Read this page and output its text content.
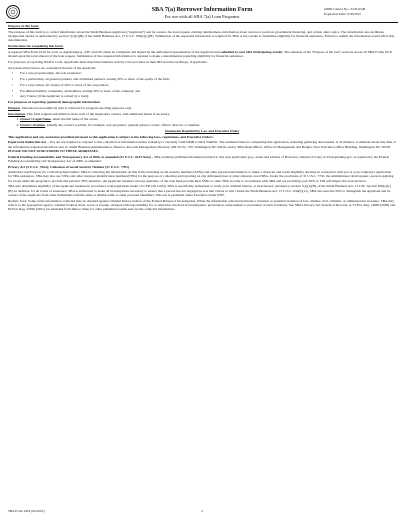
SBA 7(a) Borrower Information Form
For use with all SBA 7(a) Loan Programs
OMB Control No.: 3245-0348
Expiration Date: 6/30/2027
Purpose of this form:

The purpose of this form is to collect information about the Small Business Applicant ("Applicant") and its owners, the loan request, existing indebtedness, information about current or previous government financing, and certain other topics. The information also facilitates background checks as authorized by section 7(a)(1)(B) of the Small Business Act, 15 U.S.C. 636(a)(1)(B). Submission of the requested information is required for SBA or the Lender to determine eligibility for financial assistance. Failure to submit the information would affect that determination.

Instructions for completing this form:

A separate SBA Form 1919 for each co-Applicant(e.g., EPC and OC) must be completed and signed by the authorized representative of the Applicant and submitted to your SBA Participating Lender. The amounts of the "Purpose of the loan" sections across all SBA Forms 1919 should equal the total amount of the loan request. Submission of the requested information is required to make a determination regarding eligibility for financial assistance.

For purposes of reporting NAICS Code, Applicants must match the business activity code provided on their IRS income tax filings, if applicable.

All parties listed below are considered Owners of the Applicant:

• For a sole proprietorship, the sole proprietor;
• For a partnership, all general partners, and all limited partners owning 20% or more of the equity of the firm;
• For a corporation, all owners of 20% or more of the corporation;
• For limited liability companies, all members owning 20% or more of the company; and
• Any Trustor (if the Applicant is owned by a trust).
For purposes of reporting (optional) demographic information:

Purpose. Veteran/sex/race/ethnicity data is collected for program reporting purposes only.

Description. This form requests information about each of the Applicant's owners. Add additional sheets if necessary.

1. Owner's Legal Name. Insert the full name of the owner.
2. Owner's Position. Identify the owner's position; for example, sole proprietor; general partner; owner; officer; director; or member.
Statements Required by Law and Executive Order

This application and any assistance provided pursuant to this application is subject to the following laws, regulations, and Executive Orders:

Paperwork Reduction Act – You are not required to respond to this collection of information unless it displays a currently valid OMB Control Number. The estimated time for completing this application, including gathering data needed, is 31 minutes. Comments about this time or the information requested should be sent to: Small Business Administration, Director, Records Management Division, 409 3rd St., SW, Washington DC 20416, and/or SBA Desk Officer, Office of Management and Budget, New Executive Office Building, Washington DC 20503. PLEASE DO NOT SEND FORMS TO THESE ADDRESSES.

Federal Funding Accountability and Transparency Act of 2006, as amended (31 U.S.C. 6101 Note) - SBA routinely publishes information related to this loan application (e.g., name and address of Borrower, amount of loan) on USAspending.gov, as required by the Federal Funding Accountability and Transparency Act of 2006, as amended.

Privacy Act (5 U.S.C. 552a); Collection of Social Security Number (31 U.S.C. 7701)

Authorities and Purpose for Collecting Information: SBA is collecting the information on this form, including social security numbers (SSNs) and other personal information, to make a character and credit eligibility decision in connection with you or your company's application for SBA assistance. SBA may also use SSNs and other taxpayer identification numbers(TINs) for the purpose of collecting and reporting on any delinquent fees or other amounts owed SBA. Under the provisions of 31 U.S.C. 7701, the Administrator shall require a person applying for a loan under the program to provide that person's TIN; therefore, the Applicant business and any guarantor of the loan must provide their SSNs or other TINs in order to do business with SBA and not providing your SSN or TIN will impact the loan decision.

SBA also determines eligibility of the Applicant business in accordance with regulations under 13 CFR 120.110(n). SBA is specifically authorized to verify your criminal history, or lack thereof, pursuant to section 7(a)(1)(B), of the Small Business Act, 15 USC Section 636(a)(1)(B). In addition, for all forms of assistance, SBA is authorized to make all investigations necessary to ensure that a person has not engaged in acts that violate or will violate the Small Business Act, 15 U.S.C. 634(b)(11). SBA also uses the SSN to distinguish the Applicant and its owners of the Applicant from other individuals with the same or similar name or other personal identifiers. This use is permitted under Executive Order 9397.

Routine Uses: Some of the information collected may be checked against criminal history indices of the Federal Bureau of Investigation. When the information collected indicates a violation or potential violation of law, whether civil, criminal, or administrative in nature, SBA may refer it to the appropriate agency, whether Federal, State, local, or foreign, charged with responsibility for or otherwise involved in investigation, prosecution, enforcement or prevention of such violations. See SBA's Privacy Act System of Records, at 74 Fed. Reg. 14890 (2009) and 82 Fed. Reg. 23026 (2021) (as amended from time to time) for other published routine uses for the collected information.

SBA Form 1919 (02/2025)	5
